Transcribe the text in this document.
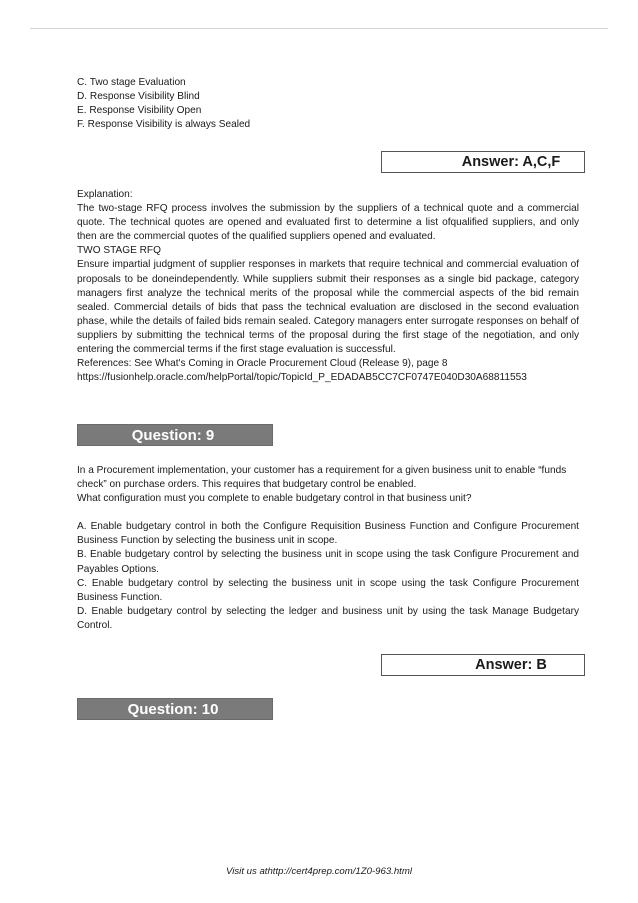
C. Two stage Evaluation

D. Response Visibility Blind

E. Response Visibility Open

F. Response Visibility is always Sealed

Answer: A,C,F

Explanation:

The two-stage RFQ process involves the submission by the suppliers of a technical quote and a commercial quote. The technical quotes are opened and evaluated first to determine a list ofqualified suppliers, and only then are the commercial quotes of the qualified suppliers opened and evaluated.

TWO STAGE RFQ

Ensure impartial judgment of supplier responses in markets that require technical and commercial evaluation of proposals to be doneindependently. While suppliers submit their responses as a single bid package, category managers first analyze the technical merits of the proposal while the commercial aspects of the bid remain sealed. Commercial details of bids that pass the technical evaluation are disclosed in the second evaluation phase, while the details of failed bids remain sealed. Category managers enter surrogate responses on behalf of suppliers by submitting the technical terms of the proposal during the first stage of the negotiation, and only entering the commercial terms if the first stage evaluation is successful.

References: See What's Coming in Oracle Procurement Cloud (Release 9), page 8

https://fusionhelp.oracle.com/helpPortal/topic/TopicId_P_EDADAB5CC7CF0747E040D30A68811553

Question: 9

In a Procurement implementation, your customer has a requirement for a given business unit to enable “funds check” on purchase orders. This requires that budgetary control be enabled.

What configuration must you complete to enable budgetary control in that business unit?

A. Enable budgetary control in both the Configure Requisition Business Function and Configure Procurement Business Function by selecting the business unit in scope.

B. Enable budgetary control by selecting the business unit in scope using the task Configure Procurement and Payables Options.

C. Enable budgetary control by selecting the business unit in scope using the task Configure Procurement Business Function.

D. Enable budgetary control by selecting the ledger and business unit by using the task Manage Budgetary Control.

Answer: B
Question: 10
Visit us athttp://cert4prep.com/1Z0-963.html
